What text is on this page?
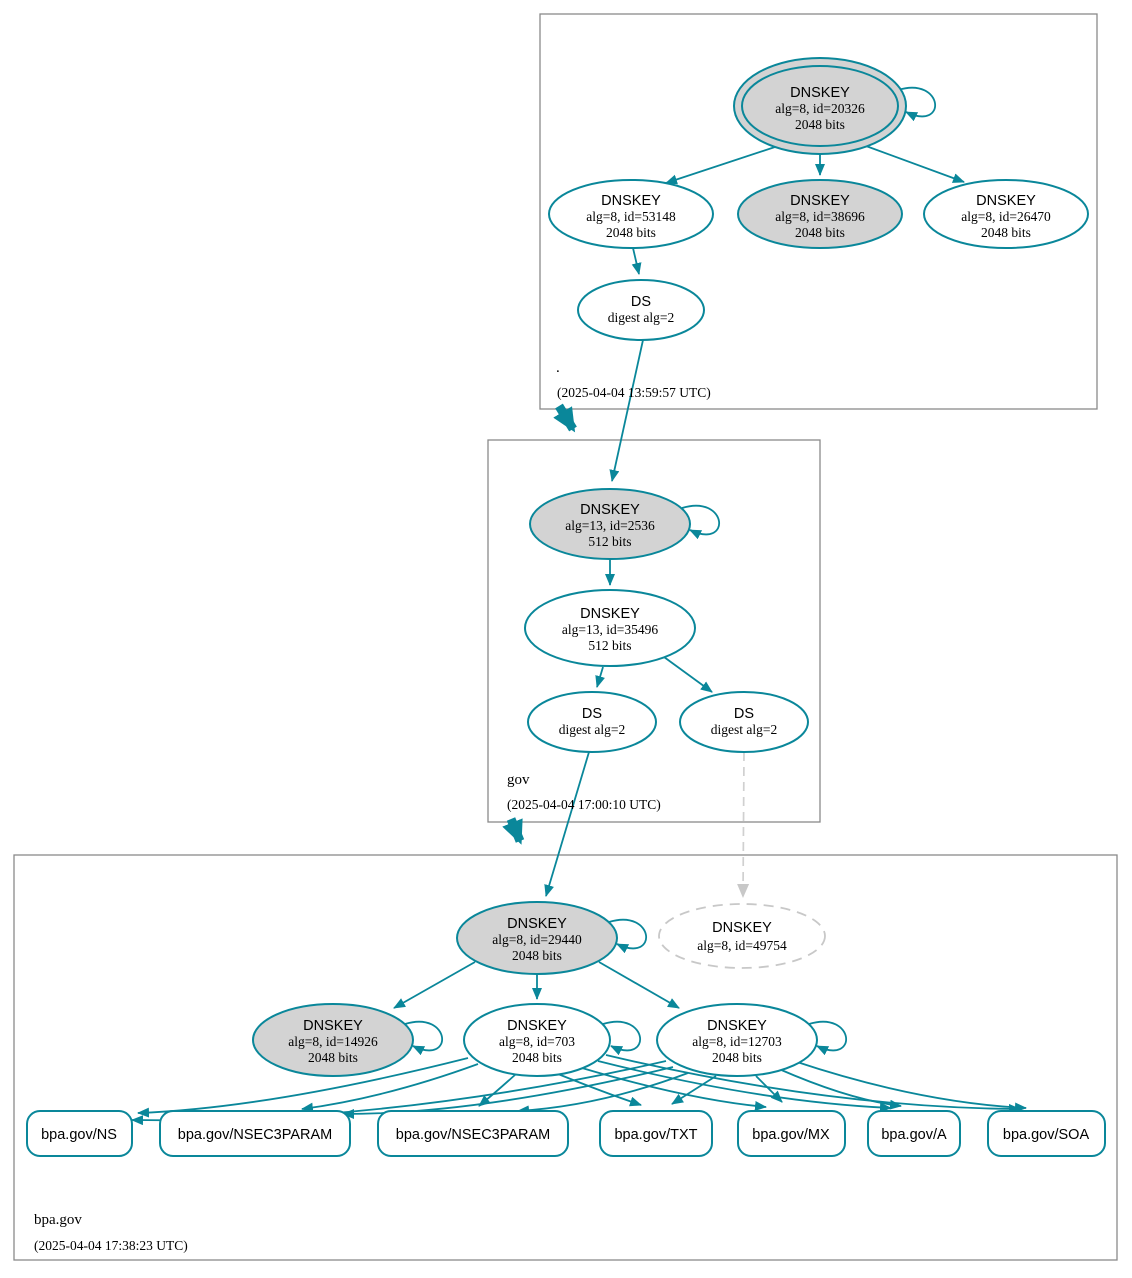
DNSKEY
alg=8, id=20326
2048 bits
DNSKEY
alg=8, id=53148
2048 bits
DNSKEY
alg=8, id=38696
2048 bits
DNSKEY
alg=8, id=26470
2048 bits
DS
digest alg=2
.
(2025-04-04 13:59:57 UTC)
DNSKEY
alg=13, id=2536
512 bits
DNSKEY
alg=13, id=35496
512 bits
DS
digest alg=2
DS
digest alg=2
gov
(2025-04-04 17:00:10 UTC)
DNSKEY
alg=8, id=29440
2048 bits
DNSKEY
alg=8, id=49754
DNSKEY
alg=8, id=14926
2048 bits
DNSKEY
alg=8, id=703
2048 bits
DNSKEY
alg=8, id=12703
2048 bits
bpa.gov/NS	bpa.gov/NSEC3PARAM	bpa.gov/NSEC3PARAM	bpa.gov/TXT	bpa.gov/MX	bpa.gov/A	bpa.gov/SOA
bpa.gov
(2025-04-04 17:38:23 UTC)
